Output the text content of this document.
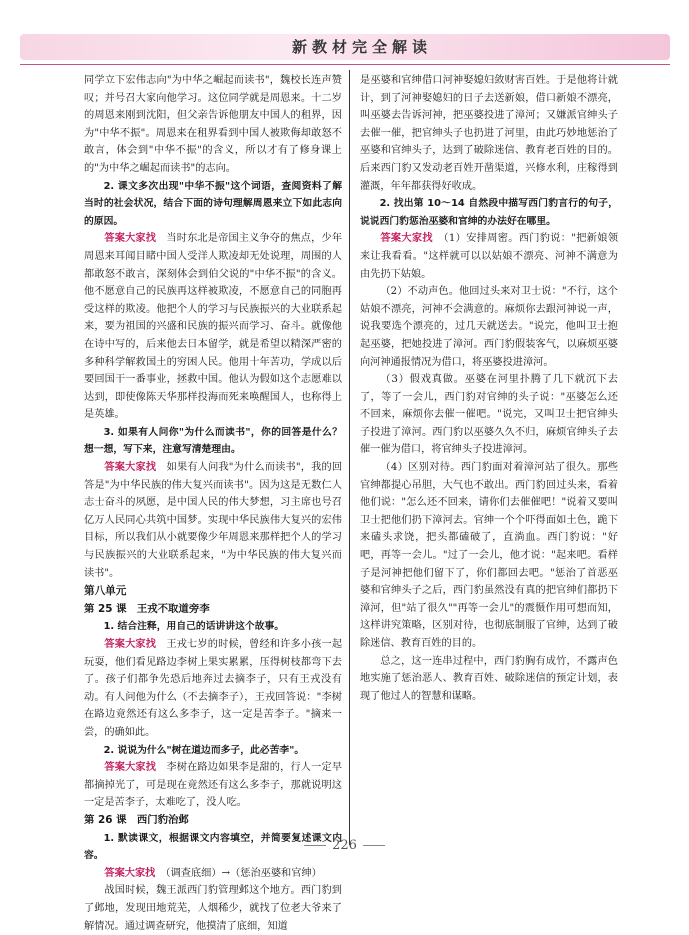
新教材完全解读

同学立下宏伟志向"为中华之崛起而读书"，魏校长连声赞叹；并号召大家向他学习。这位同学就是周恩来。十二岁的周恩来刚到沈阳，但父亲告诉他朋友中国人的租界，因为"中华不振"。周恩来在租界看到中国人被欺侮却敢怒不敢言，体会到"中华不振"的含义，所以才有了修身课上的"为中华之崛起而读书"的志向。

2. 课文多次出现"中华不振"这个词语，查阅资料了解当时的社会状况，结合下面的诗句理解周恩来立下如此志向的原因。

答案大家找　 当时东北是帝国主义争夺的焦点，少年周恩来耳闻目睹中国人受洋人欺凌却无处说理，周围的人都敢怒不敢言，深刻体会到伯父说的"中华不振"的含义。他不愿意自己的民族再这样被欺凌，不愿意自己的同胞再受这样的欺凌。他把个人的学习与民族振兴的大业联系起来，要为祖国的兴盛和民族的振兴而学习、奋斗。就像他在诗中写的，后来他去日本留学，就是希望以精深严密的多种科学解救国土的穷困人民。他用十年苦功，学成以后要回国干一番事业，拯救中国。他认为假如这个志愿难以达到，即使像陈天华那样投海而死来唤醒国人，也称得上是英雄。

3. 如果有人问你"为什么而读书"，你的回答是什么？想一想，写下来，注意写清楚理由。

答案大家找　 如果有人问我"为什么而读书"，我的回答是"为中华民族的伟大复兴而读书"。因为这是无数仁人志士奋斗的夙愿，是中国人民的伟大梦想，习主席也号召亿万人民同心共筑中国梦。实现中华民族伟大复兴的宏伟目标，所以我们从小就要像少年周恩来那样把个人的学习与民族振兴的大业联系起来，"为中华民族的伟大复兴而读书"。

第八单元

第 25 课　王戎不取道旁李

1. 结合注释，用自己的话讲讲这个故事。

答案大家找　 王戎七岁的时候，曾经和许多小孩一起玩耍，他们看见路边李树上果实累累，压得树枝都弯下去了。孩子们都争先恐后地奔过去摘李子，只有王戎没有动。有人问他为什么（不去摘李子），王戎回答说："李树在路边竟然还有这么多李子，这一定是苦李子。"摘来一尝，的确如此。

2. 说说为什么"树在道边而多子，此必苦李"。

答案大家找　 李树在路边如果李是甜的，行人一定早都摘掉光了，可是现在竟然还有这么多李子，那就说明这一定是苦李子，太难吃了，没人吃。

第 26 课　西门豹治邺

1. 默读课文，根据课文内容填空，并简要复述课文内容。

答案大家找　 （调查底细）→（惩治巫婆和官绅）

战国时候，魏王派西门豹管理邺这个地方。西门豹到了邺地，发现田地荒芜，人烟稀少，就找了位老大爷来了解情况。通过调查研究，他摸清了底细，知道

是巫婆和官绅借口河神娶媳妇敛财害百姓。于是他将计就计，到了河神娶媳妇的日子去送新娘，借口新娘不漂亮，叫巫婆去告诉河神，把巫婆投进了漳河；又嫌派官绅头子去催一催，把官绅头子也扔进了河里，由此巧妙地惩治了巫婆和官绅头子，达到了破除迷信、教育老百姓的目的。后来西门豹又发动老百姓开凿渠道，兴修水利，庄稼得到灌溉，年年都获得好收成。

2. 找出第 10～14 自然段中描写西门豹言行的句子，说说西门豹惩治巫婆和官绅的办法好在哪里。

答案大家找　 （1）安排周密。西门豹说："把新娘领来让我看看。"这样就可以以姑娘不漂亮、河神不满意为由先扔下姑娘。

（2）不动声色。他回过头来对卫士说："不行，这个姑娘不漂亮，河神不会满意的。麻烦你去跟河神说一声，说我要选个漂亮的，过几天就送去。"说完，他叫卫士抱起巫婆，把她投进了漳河。西门豹假装客气，以麻烦巫婆向河神通报情况为借口，将巫婆投进漳河。

（3）假戏真做。巫婆在河里扑腾了几下就沉下去了，等了一会儿，西门豹对官绅的头子说："巫婆怎么还不回来，麻烦你去催一催吧。"说完，又叫卫士把官绅头子投进了漳河。西门豹以巫婆久久不归，麻烦官绅头子去催一催为借口，将官绅头子投进漳河。

（4）区别对待。西门豹面对着漳河站了很久。那些官绅都提心吊胆，大气也不敢出。西门豹回过头来，看着他们说："怎么还不回来，请你们去催催吧！"说着又要叫卫士把他们扔下漳河去。官绅一个个吓得面如土色，跪下来磕头求饶，把头都磕破了，直淌血。西门豹说："好吧，再等一会儿。"过了一会儿，他才说："起来吧。看样子是河神把他们留下了，你们都回去吧。"惩治了首恶巫婆和官绅头子之后，西门豹虽然没有真的把官绅们都扔下漳河，但"站了很久""再等一会儿"的震慑作用可想而知，这样讲究策略，区别对待，也彻底制服了官绅，达到了破除迷信、教育百姓的目的。

总之，这一连串过程中，西门豹胸有成竹，不露声色地实施了惩治恶人、教育百姓、破除迷信的预定计划，表现了他过人的智慧和谋略。

226
